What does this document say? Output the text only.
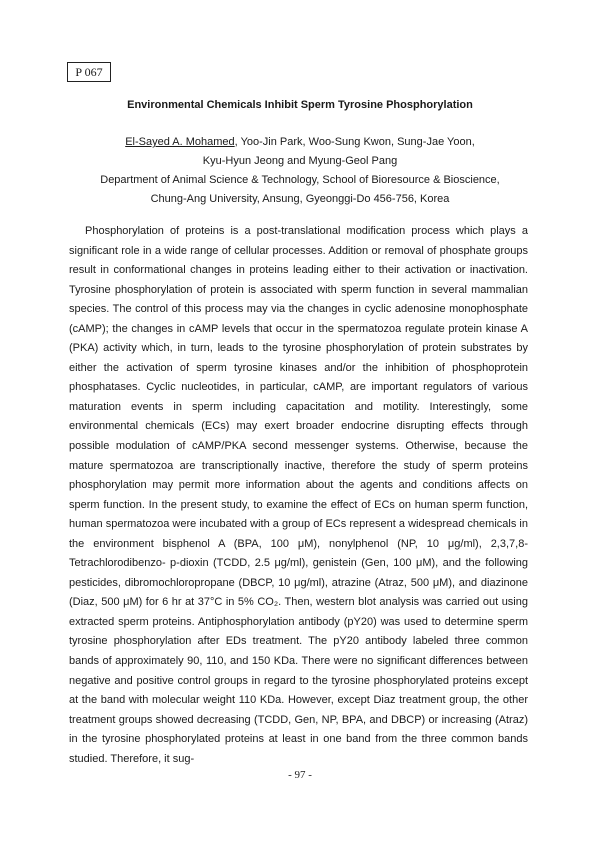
P 067
Environmental Chemicals Inhibit Sperm Tyrosine Phosphorylation
El-Sayed A. Mohamed, Yoo-Jin Park, Woo-Sung Kwon, Sung-Jae Yoon,
Kyu-Hyun Jeong and Myung-Geol Pang
Department of Animal Science & Technology, School of Bioresource & Bioscience,
Chung-Ang University, Ansung, Gyeonggi-Do 456-756, Korea

Phosphorylation of proteins is a post-translational modification process which plays a significant role in a wide range of cellular processes. Addition or removal of phosphate groups result in conformational changes in proteins leading either to their activation or inactivation. Tyrosine phosphorylation of protein is associated with sperm function in several mammalian species. The control of this process may via the changes in cyclic adenosine monophosphate (cAMP); the changes in cAMP levels that occur in the spermatozoa regulate protein kinase A (PKA) activity which, in turn, leads to the tyrosine phosphorylation of protein substrates by either the activation of sperm tyrosine kinases and/or the inhibition of phosphoprotein phosphatases. Cyclic nucleotides, in particular, cAMP, are important regulators of various maturation events in sperm including capacitation and motility. Interestingly, some environmental chemicals (ECs) may exert broader endocrine disrupting effects through possible modulation of cAMP/PKA second messenger systems. Otherwise, because the mature spermatozoa are transcriptionally inactive, therefore the study of sperm proteins phosphorylation may permit more information about the agents and conditions affects on sperm function. In the present study, to examine the effect of ECs on human sperm function, human spermatozoa were incubated with a group of ECs represent a widespread chemicals in the environment bisphenol A (BPA, 100 μM), nonylphenol (NP, 10 μg/ml), 2,3,7,8-Tetrachlorodibenzo- p-dioxin (TCDD, 2.5 μg/ml), genistein (Gen, 100 μM), and the following pesticides, dibromochloropropane (DBCP, 10 μg/ml), atrazine (Atraz, 500 μM), and diazinone (Diaz, 500 μM) for 6 hr at 37°C in 5% CO₂. Then, western blot analysis was carried out using extracted sperm proteins. Antiphosphorylation antibody (pY20) was used to determine sperm tyrosine phosphorylation after EDs treatment. The pY20 antibody labeled three common bands of approximately 90, 110, and 150 KDa. There were no significant differences between negative and positive control groups in regard to the tyrosine phosphorylated proteins except at the band with molecular weight 110 KDa. However, except Diaz treatment group, the other treatment groups showed decreasing (TCDD, Gen, NP, BPA, and DBCP) or increasing (Atraz) in the tyrosine phosphorylated proteins at least in one band from the three common bands studied. Therefore, it sug-

- 97 -
